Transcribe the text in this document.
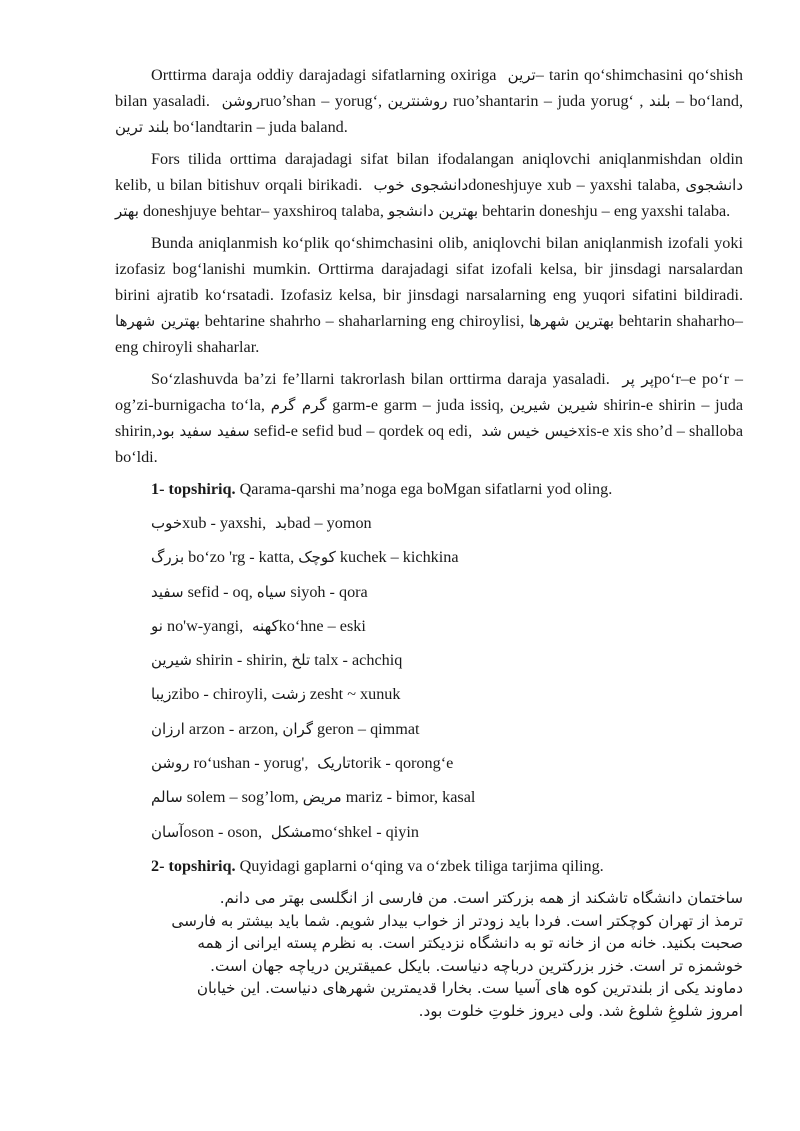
Orttirma daraja oddiy darajadagi sifatlarning oxiriga ترین – tarin qo‘shimchasini qo‘shish bilan yasaladi. روشن ruo’shan – yorug‘, روشنترین ruo’shantarin – juda yorug‘ , بلند – bo‘land, بلند ترین bo‘landtarin – juda baland.

Fors tilida orttima darajadagi sifat bilan ifodalangan aniqlovchi aniqlanmishdan oldin kelib, u bilan bitishuv orqali birikadi. دانشجوی خوب doneshjuye xub – yaxshi talaba, دانشجوی بهتر doneshjuye behtar– yaxshiroq talaba, بهترین دانشجو behtarin doneshju – eng yaxshi talaba.

Bunda aniqlanmish ko‘plik qo‘shimchasini olib, aniqlovchi bilan aniqlanmish izofali yoki izofasiz bog‘lanishi mumkin. Orttirma darajadagi sifat izofali kelsa, bir jinsdagi narsalardan birini ajratib ko‘rsatadi. Izofasiz kelsa, bir jinsdagi narsalarning eng yuqori sifatini bildiradi. بهترین شهرها behtarine shahrho – shaharlarning eng chiroylisi, بهترین شهرها behtarin shaharho– eng chiroyli shaharlar.

So‘zlashuvda ba’zi fe’llarni takrorlash bilan orttirma daraja yasaladi. پر پر po‘r–e po‘r – og’zi-burnigacha to‘la, گرم گرم garm-e garm – juda issiq, شیرین شیرین shirin-e shirin – juda shirin,سفید سفید بود sefid-e sefid bud – qordek oq edi, خیس خیس شد xis-e xis sho’d – shalloba bo‘ldi.

1- topshiriq. Qarama-qarshi ma’noga ega boMgan sifatlarni yod oling.
خوبxub - yaxshi, بد bad – yomon
بزرگ bo‘zo 'rg - katta, کوچک kuchek – kichkina
سفید sefid - oq, سیاه siyoh - qora
نو no'w-yangi, کهنه ko‘hne – eski
شیرین shirin - shirin, تلخ talx - achchiq
زیباzibo - chiroyli, زشت zesht ~ xunuk
ارزان arzon - arzon, گران geron – qimmat
روشن ro‘ushan - yorug', تاریک torik - qorong‘e
سالم solem – sog’lom, مریض mariz - bimor, kasal
آسانoson - oson, مشکل mo‘shkel - qiyin
2- topshiriq. Quyidagi gaplarni o‘qing va o‘zbek tiligа tarjima qiling.
ساختمان دانشگاه تاشکند از همه بزرکتر است. من فارسی از انگلسی بهتر می دانم.
ترمذ از تهران کوچکتر است. فردا باید زودتر از خواب بیدار شویم. شما باید بیشتر به فارسی
صحبت بکنید. خانه من از خانه تو به دانشگاه نزدیکتر است. به نظرم پسته ایرانی از همه
خوشمزه تر است. خزر بزرکترین درباچه دنیاست. بایکل عمیقترین دریاچه جهان است.
دماوند یکی از بلندترین کوه های آسیا ست. بخارا قدیمترین شهرهای دنیاست. این خیابان
امروز شلوغِ شلوغ شد. ولی دیروز خلوتِ خلوت بود.
